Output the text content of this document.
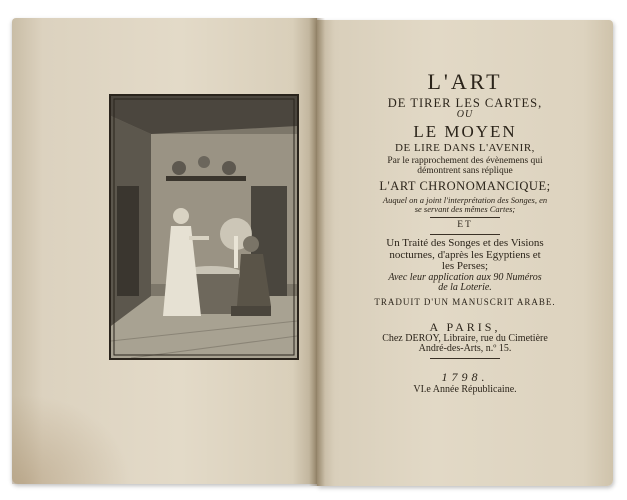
L'ART
DE TIRER LES CARTES,
OU
LE MOYEN
DE LIRE DANS L'AVENIR,
Par le rapprochement des évènemens qui
démontrent sans réplique
L'ART CHRONOMANCIQUE;
Auquel on a joint l'interprétation des Songes, en
se servant des mêmes Cartes;
ET
Un Traité des Songes et des Visions
nocturnes, d'après les Egyptiens et
les Perses;
Avec leur application aux 90 Numéros
de la Loterie.
TRADUIT D'UN MANUSCRIT ARABE.
A PARIS,
Chez DEROY, Libraire, rue du Cimetière
André-des-Arts, n.º 15.
1798.
VI.e Année Républicaine.
